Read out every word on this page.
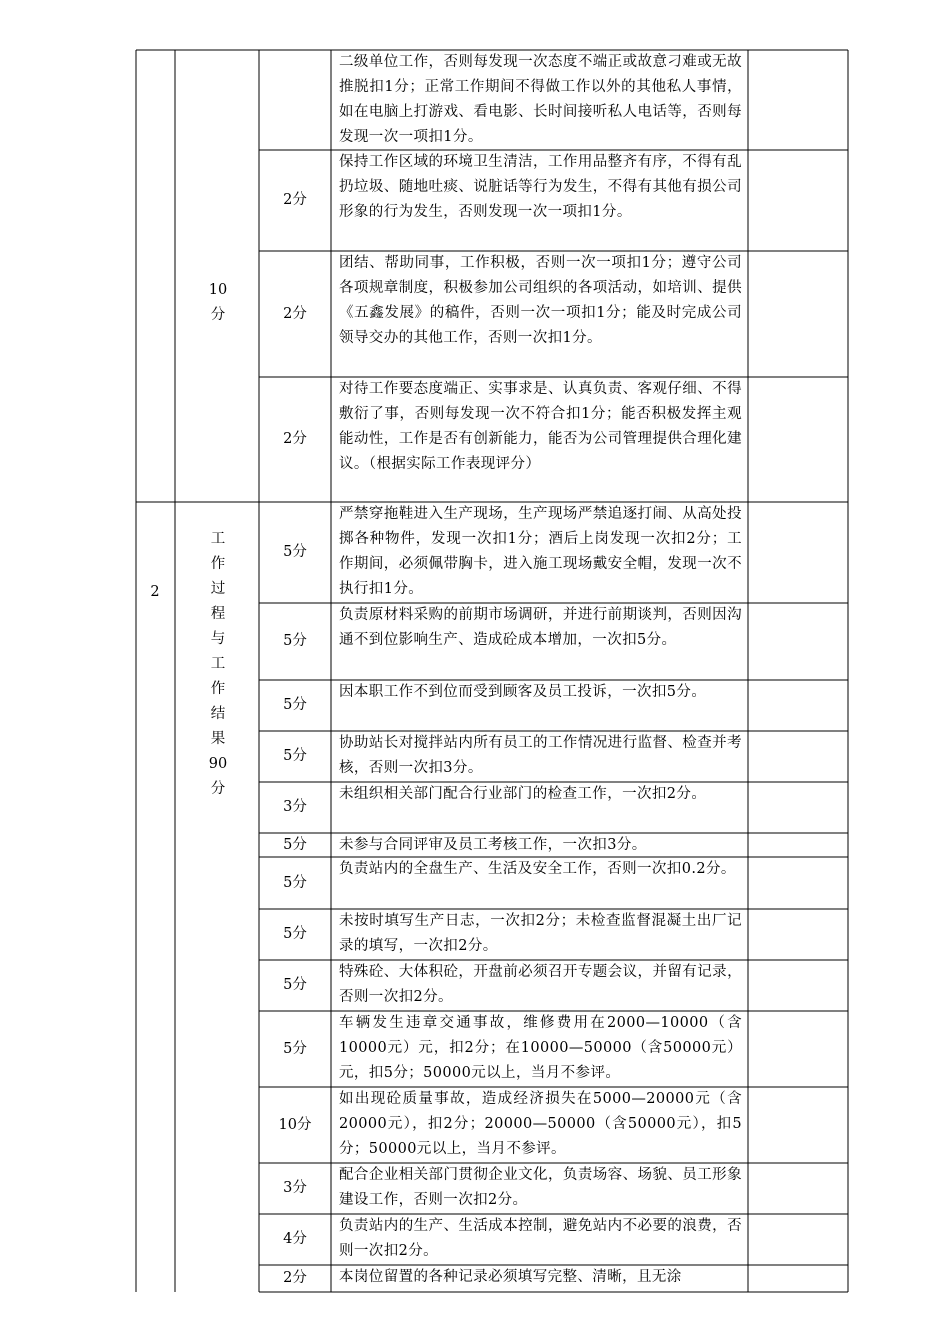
10
分
2
工
作
过
程
与
工
作
结
果
90
分
二级单位工作，否则每发现一次态度不端正或故意刁难或无故推脱扣1分；正常工作期间不得做工作以外的其他私人事情，如在电脑上打游戏、看电影、长时间接听私人电话等，否则每发现一次一项扣1分。
保持工作区域的环境卫生清洁，工作用品整齐有序，不得有乱扔垃圾、随地吐痰、说脏话等行为发生，不得有其他有损公司形象的行为发生，否则发现一次一项扣1分。
2分
团结、帮助同事，工作积极，否则一次一项扣1分；遵守公司各项规章制度，积极参加公司组织的各项活动，如培训、提供《五鑫发展》的稿件，否则一次一项扣1分；能及时完成公司领导交办的其他工作，否则一次扣1分。
2分
对待工作要态度端正、实事求是、认真负责、客观仔细、不得敷衍了事，否则每发现一次不符合扣1分；能否积极发挥主观能动性，工作是否有创新能力，能否为公司管理提供合理化建议。（根据实际工作表现评分）
2分
严禁穿拖鞋进入生产现场，生产现场严禁追逐打闹、从高处投掷各种物件，发现一次扣1分；酒后上岗发现一次扣2分；工作期间，必须佩带胸卡，进入施工现场戴安全帽，发现一次不执行扣1分。
5分
负责原材料采购的前期市场调研，并进行前期谈判，否则因沟通不到位影响生产、造成砼成本增加，一次扣5分。
5分
因本职工作不到位而受到顾客及员工投诉，一次扣5分。
5分
协助站长对搅拌站内所有员工的工作情况进行监督、检查并考核，否则一次扣3分。
5分
未组织相关部门配合行业部门的检查工作，一次扣2分。
3分
未参与合同评审及员工考核工作，一次扣3分。
5分
负责站内的全盘生产、生活及安全工作，否则一次扣0.2分。
5分
未按时填写生产日志，一次扣2分；未检查监督混凝土出厂记录的填写，一次扣2分。
5分
特殊砼、大体积砼，开盘前必须召开专题会议，并留有记录，否则一次扣2分。
5分
车辆发生违章交通事故，维修费用在2000—10000（含10000元）元，扣2分；在10000—50000（含50000元）元，扣5分；50000元以上，当月不参评。
5分
如出现砼质量事故，造成经济损失在5000—20000元（含20000元），扣2分；20000—50000（含50000元），扣5分；50000元以上，当月不参评。
10分
配合企业相关部门贯彻企业文化，负责场容、场貌、员工形象建设工作，否则一次扣2分。
3分
负责站内的生产、生活成本控制，避免站内不必要的浪费，否则一次扣2分。
4分
本岗位留置的各种记录必须填写完整、清晰，且无涂
2分
